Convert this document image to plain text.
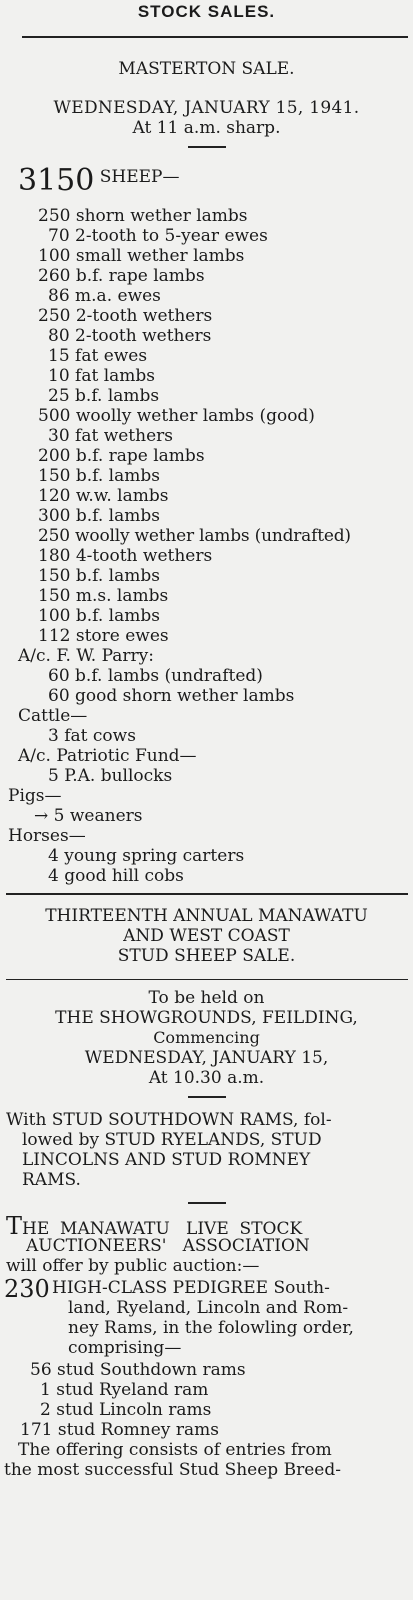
STOCK SALES.
MASTERTON SALE.
WEDNESDAY, JANUARY 15, 1941.
At 11 a.m. sharp.
3150 SHEEP—
250 shorn wether lambs
70 2-tooth to 5-year ewes
100 small wether lambs
260 b.f. rape lambs
86 m.a. ewes
250 2-tooth wethers
80 2-tooth wethers
15 fat ewes
10 fat lambs
25 b.f. lambs
500 woolly wether lambs (good)
30 fat wethers
200 b.f. rape lambs
150 b.f. lambs
120 w.w. lambs
300 b.f. lambs
250 woolly wether lambs (undrafted)
180 4-tooth wethers
150 b.f. lambs
150 m.s. lambs
100 b.f. lambs
112 store ewes
A/c. F. W. Parry:
60 b.f. lambs (undrafted)
60 good shorn wether lambs
Cattle—
3 fat cows
A/c. Patriotic Fund—
5 P.A. bullocks
Pigs—
→ 5 weaners
Horses—
4 young spring carters
4 good hill cobs
THIRTEENTH ANNUAL MANAWATU
AND WEST COAST
STUD SHEEP SALE.
To be held on
THE SHOWGROUNDS, FEILDING,
Commencing
WEDNESDAY, JANUARY 15,
At 10.30 a.m.
With STUD SOUTHDOWN RAMS, fol-
lowed by STUD RYELANDS, STUD
LINCOLNS AND STUD ROMNEY
RAMS.
THE  MANAWATU   LIVE  STOCK
AUCTIONEERS'   ASSOCIATION
will offer by public auction:—
230 HIGH-CLASS PEDIGREE South-
land, Ryeland, Lincoln and Rom-
ney Rams, in the folowling order,
comprising—
56 stud Southdown rams
1 stud Ryeland ram
2 stud Lincoln rams
171 stud Romney rams
The offering consists of entries from
the most successful Stud Sheep Breed-
